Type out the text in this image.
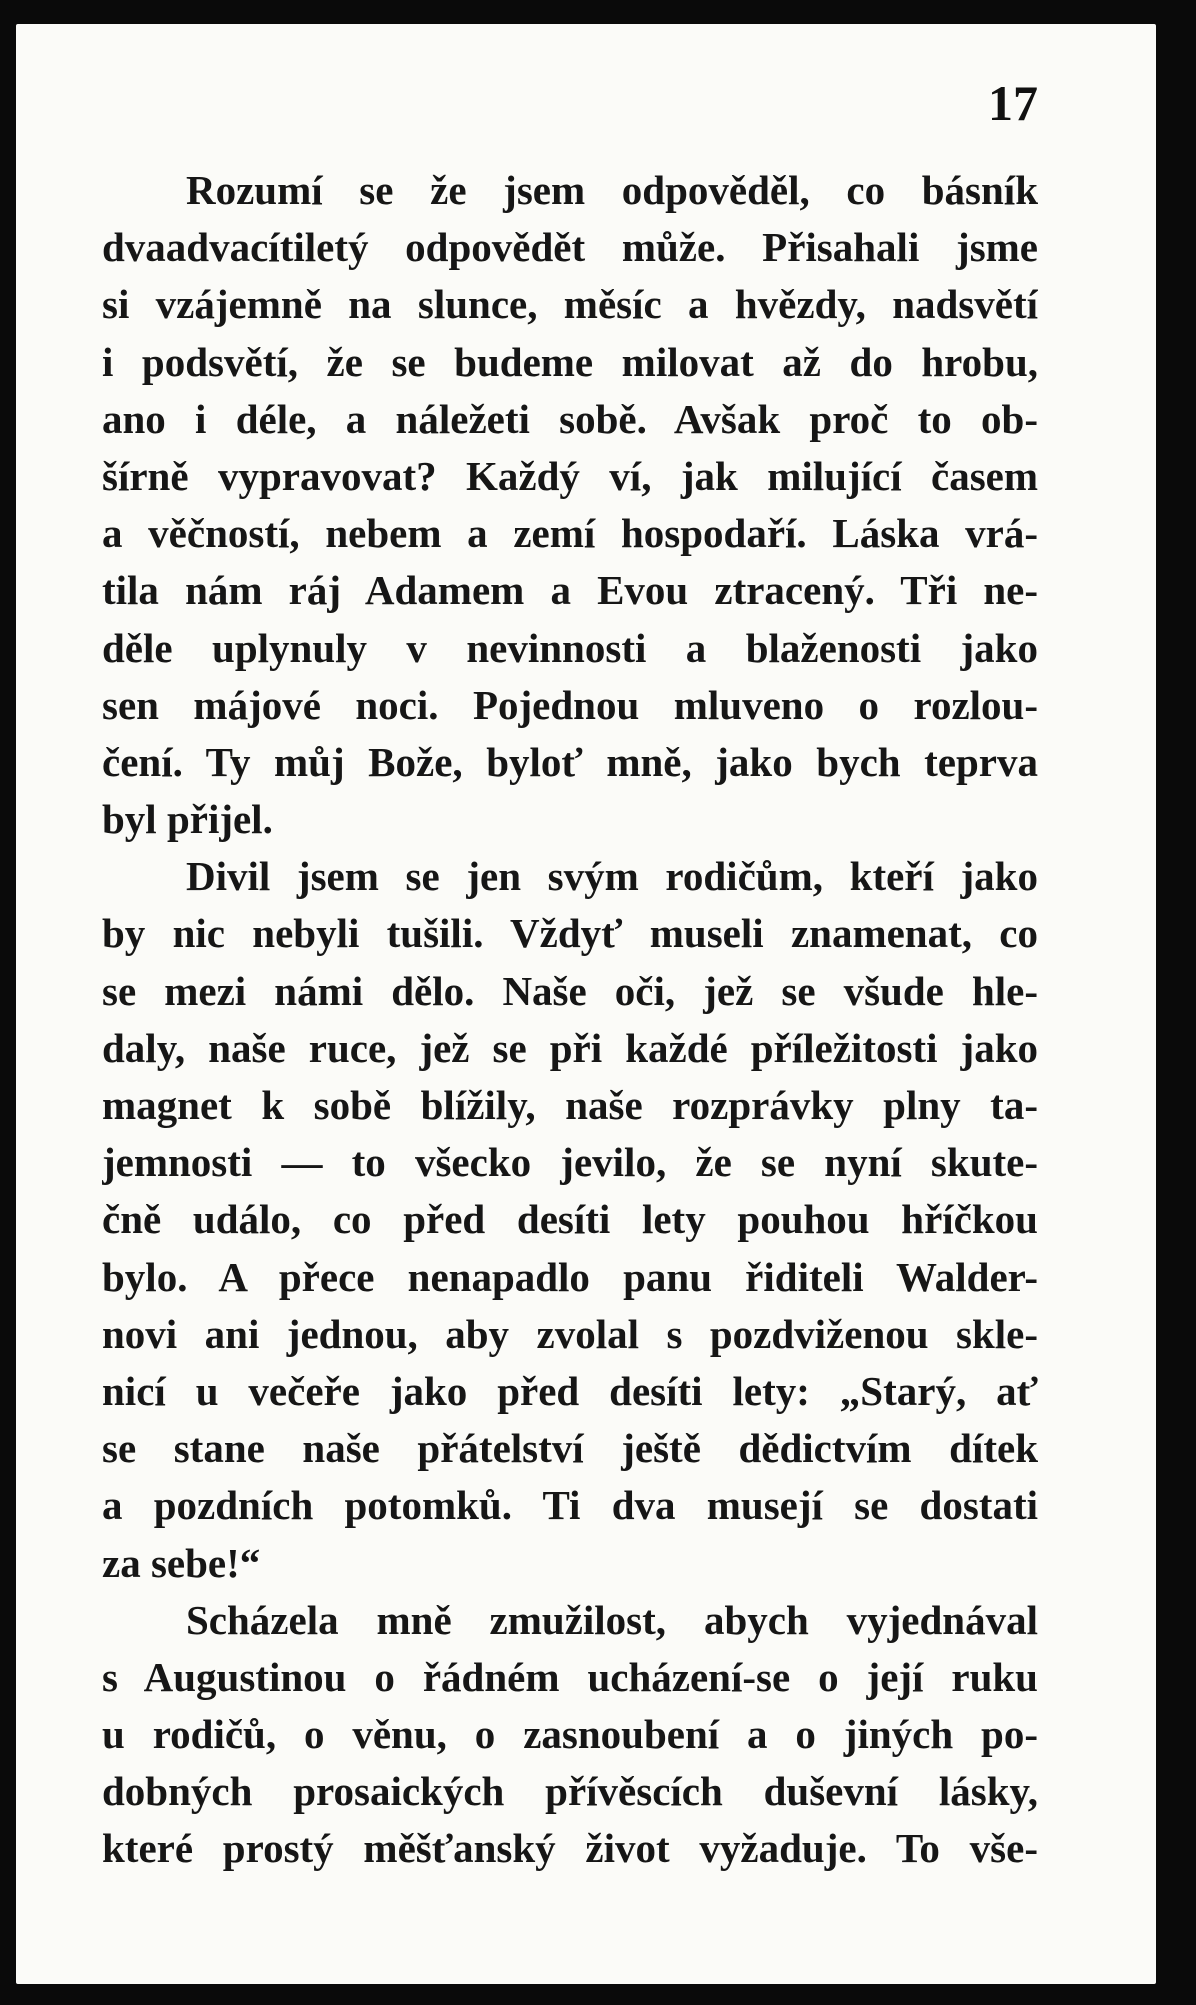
17
Rozumí se že jsem odpověděl, co básník
dvaadvacítiletý odpovědět může. Přisahali jsme
si vzájemně na slunce, měsíc a hvězdy, nadsvětí
i podsvětí, že se budeme milovat až do hrobu,
ano i déle, a náležeti sobě. Avšak proč to ob-
šírně vypravovat? Každý ví, jak milující časem
a věčností, nebem a zemí hospodaří. Láska vrá-
tila nám ráj Adamem a Evou ztracený. Tři ne-
děle uplynuly v nevinnosti a blaženosti jako
sen májové noci. Pojednou mluveno o rozlou-
čení. Ty můj Bože, byloť mně, jako bych teprva
byl přijel.
Divil jsem se jen svým rodičům, kteří jako
by nic nebyli tušili. Vždyť museli znamenat, co
se mezi námi dělo. Naše oči, jež se všude hle-
daly, naše ruce, jež se při každé příležitosti jako
magnet k sobě blížily, naše rozprávky plny ta-
jemnosti — to všecko jevilo, že se nyní skute-
čně událo, co před desíti lety pouhou hříčkou
bylo. A přece nenapadlo panu řiditeli Walder-
novi ani jednou, aby zvolal s pozdviženou skle-
nicí u večeře jako před desíti lety: „Starý, ať
se stane naše přátelství ještě dědictvím dítek
a pozdních potomků. Ti dva musejí se dostati
za sebe!“
Scházela mně zmužilost, abych vyjednával
s Augustinou o řádném ucházení-se o její ruku
u rodičů, o věnu, o zasnoubení a o jiných po-
dobných prosaických přívěscích duševní lásky,
které prostý měšťanský život vyžaduje. To vše-
